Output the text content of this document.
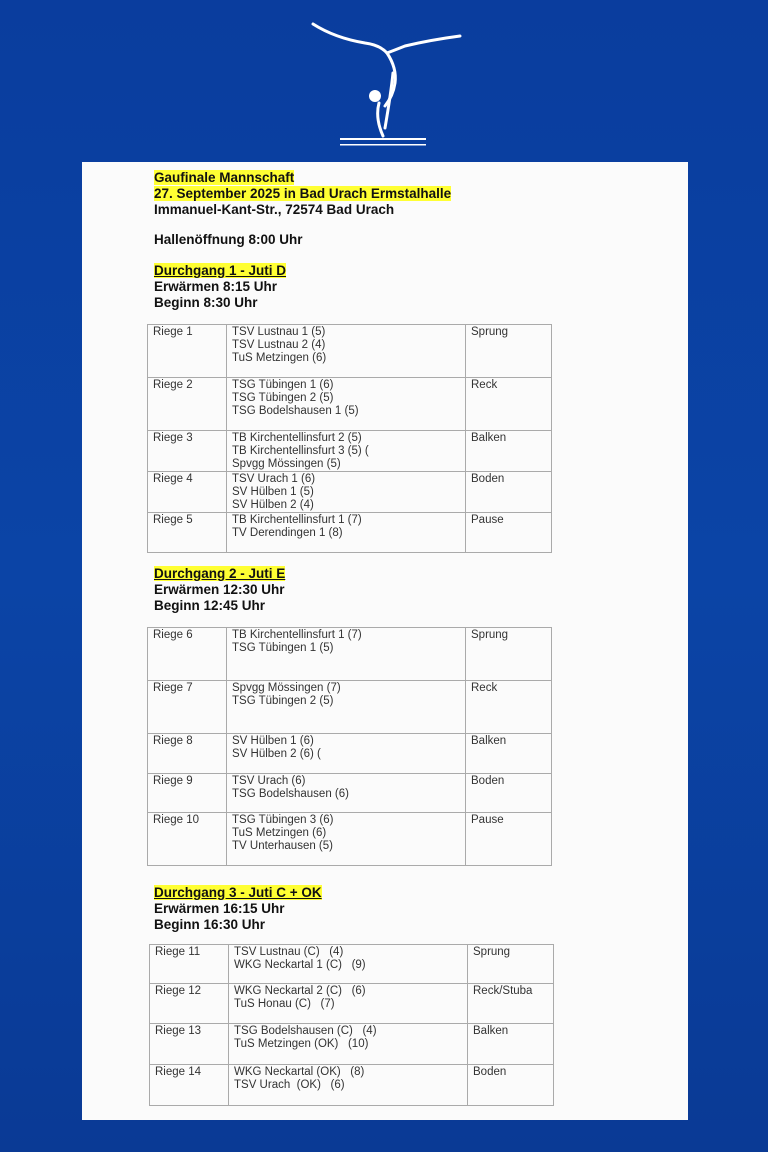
Gaufinale Mannschaft

27. September 2025 in Bad Urach Ermstalhalle

Immanuel-Kant-Str., 72574 Bad Urach

Hallenöffnung 8:00 Uhr

Durchgang 1 - Juti D

Erwärmen 8:15 Uhr

Beginn 8:30 Uhr

Durchgang 2 - Juti E

Erwärmen 12:30 Uhr

Beginn 12:45 Uhr

Durchgang 3 - Juti C + OK

Erwärmen 16:15 Uhr

Beginn 16:30 Uhr

Riege 1	TSV Lustnau 1 (5)
TSV Lustnau 2 (4)
TuS Metzingen (6)	Sprung
Riege 2	TSG Tübingen 1 (6)
TSG Tübingen 2 (5)
TSG Bodelshausen 1 (5)	Reck
Riege 3	TB Kirchentellinsfurt 2 (5)
TB Kirchentellinsfurt 3 (5) (
Spvgg Mössingen (5)	Balken
Riege 4	TSV Urach 1 (6)
SV Hülben 1 (5)
SV Hülben 2 (4)	Boden
Riege 5	TB Kirchentellinsfurt 1 (7)
TV Derendingen 1 (8)	Pause
Riege 6	TB Kirchentellinsfurt 1 (7)
TSG Tübingen 1 (5)	Sprung
Riege 7	Spvgg Mössingen (7)
TSG Tübingen 2 (5)	Reck
Riege 8	SV Hülben 1 (6)
SV Hülben 2 (6) (	Balken
Riege 9	TSV Urach (6)
TSG Bodelshausen (6)	Boden
Riege 10	TSG Tübingen 3 (6)
TuS Metzingen (6)
TV Unterhausen (5)	Pause
Riege 11	TSV Lustnau (C)   (4)
WKG Neckartal 1 (C)   (9)	Sprung
Riege 12	WKG Neckartal 2 (C)   (6)
TuS Honau (C)   (7)	Reck/Stuba
Riege 13	TSG Bodelshausen (C)   (4)
TuS Metzingen (OK)   (10)	Balken
Riege 14	WKG Neckartal (OK)   (8)
TSV Urach  (OK)   (6)	Boden
